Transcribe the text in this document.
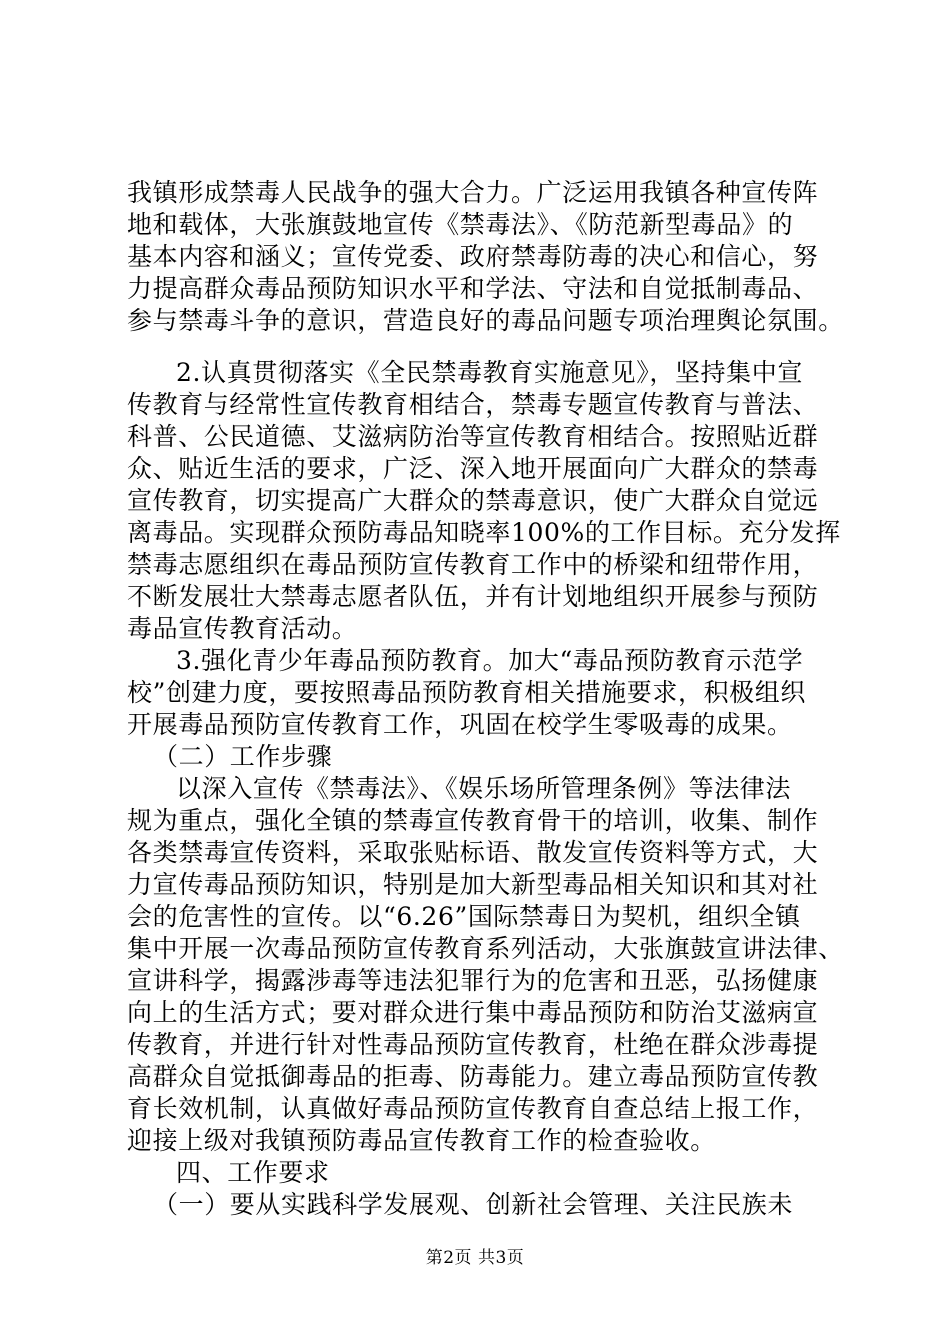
我镇形成禁毒人民战争的强大合力。广泛运用我镇各种宣传阵
地和载体，大张旗鼓地宣传《禁毒法》、《防范新型毒品》的
基本内容和涵义；宣传党委、政府禁毒防毒的决心和信心，努
力提高群众毒品预防知识水平和学法、守法和自觉抵制毒品、
参与禁毒斗争的意识，营造良好的毒品问题专项治理舆论氛围。
2.认真贯彻落实《全民禁毒教育实施意见》，坚持集中宣
传教育与经常性宣传教育相结合，禁毒专题宣传教育与普法、
科普、公民道德、艾滋病防治等宣传教育相结合。按照贴近群
众、贴近生活的要求，广泛、深入地开展面向广大群众的禁毒
宣传教育，切实提高广大群众的禁毒意识，使广大群众自觉远
离毒品。实现群众预防毒品知晓率100%的工作目标。充分发挥
禁毒志愿组织在毒品预防宣传教育工作中的桥梁和纽带作用，
不断发展壮大禁毒志愿者队伍，并有计划地组织开展参与预防
毒品宣传教育活动。
3.强化青少年毒品预防教育。加大“毒品预防教育示范学
校”创建力度，要按照毒品预防教育相关措施要求，积极组织
开展毒品预防宣传教育工作，巩固在校学生零吸毒的成果。
（二）工作步骤
以深入宣传《禁毒法》、《娱乐场所管理条例》等法律法
规为重点，强化全镇的禁毒宣传教育骨干的培训，收集、制作
各类禁毒宣传资料，采取张贴标语、散发宣传资料等方式，大
力宣传毒品预防知识，特别是加大新型毒品相关知识和其对社
会的危害性的宣传。以“6.26”国际禁毒日为契机，组织全镇
集中开展一次毒品预防宣传教育系列活动，大张旗鼓宣讲法律、
宣讲科学，揭露涉毒等违法犯罪行为的危害和丑恶，弘扬健康
向上的生活方式；要对群众进行集中毒品预防和防治艾滋病宣
传教育，并进行针对性毒品预防宣传教育，杜绝在群众涉毒提
高群众自觉抵御毒品的拒毒、防毒能力。建立毒品预防宣传教
育长效机制，认真做好毒品预防宣传教育自查总结上报工作，
迎接上级对我镇预防毒品宣传教育工作的检查验收。
四、工作要求
（一）要从实践科学发展观、创新社会管理、关注民族未
第2页 共3页
